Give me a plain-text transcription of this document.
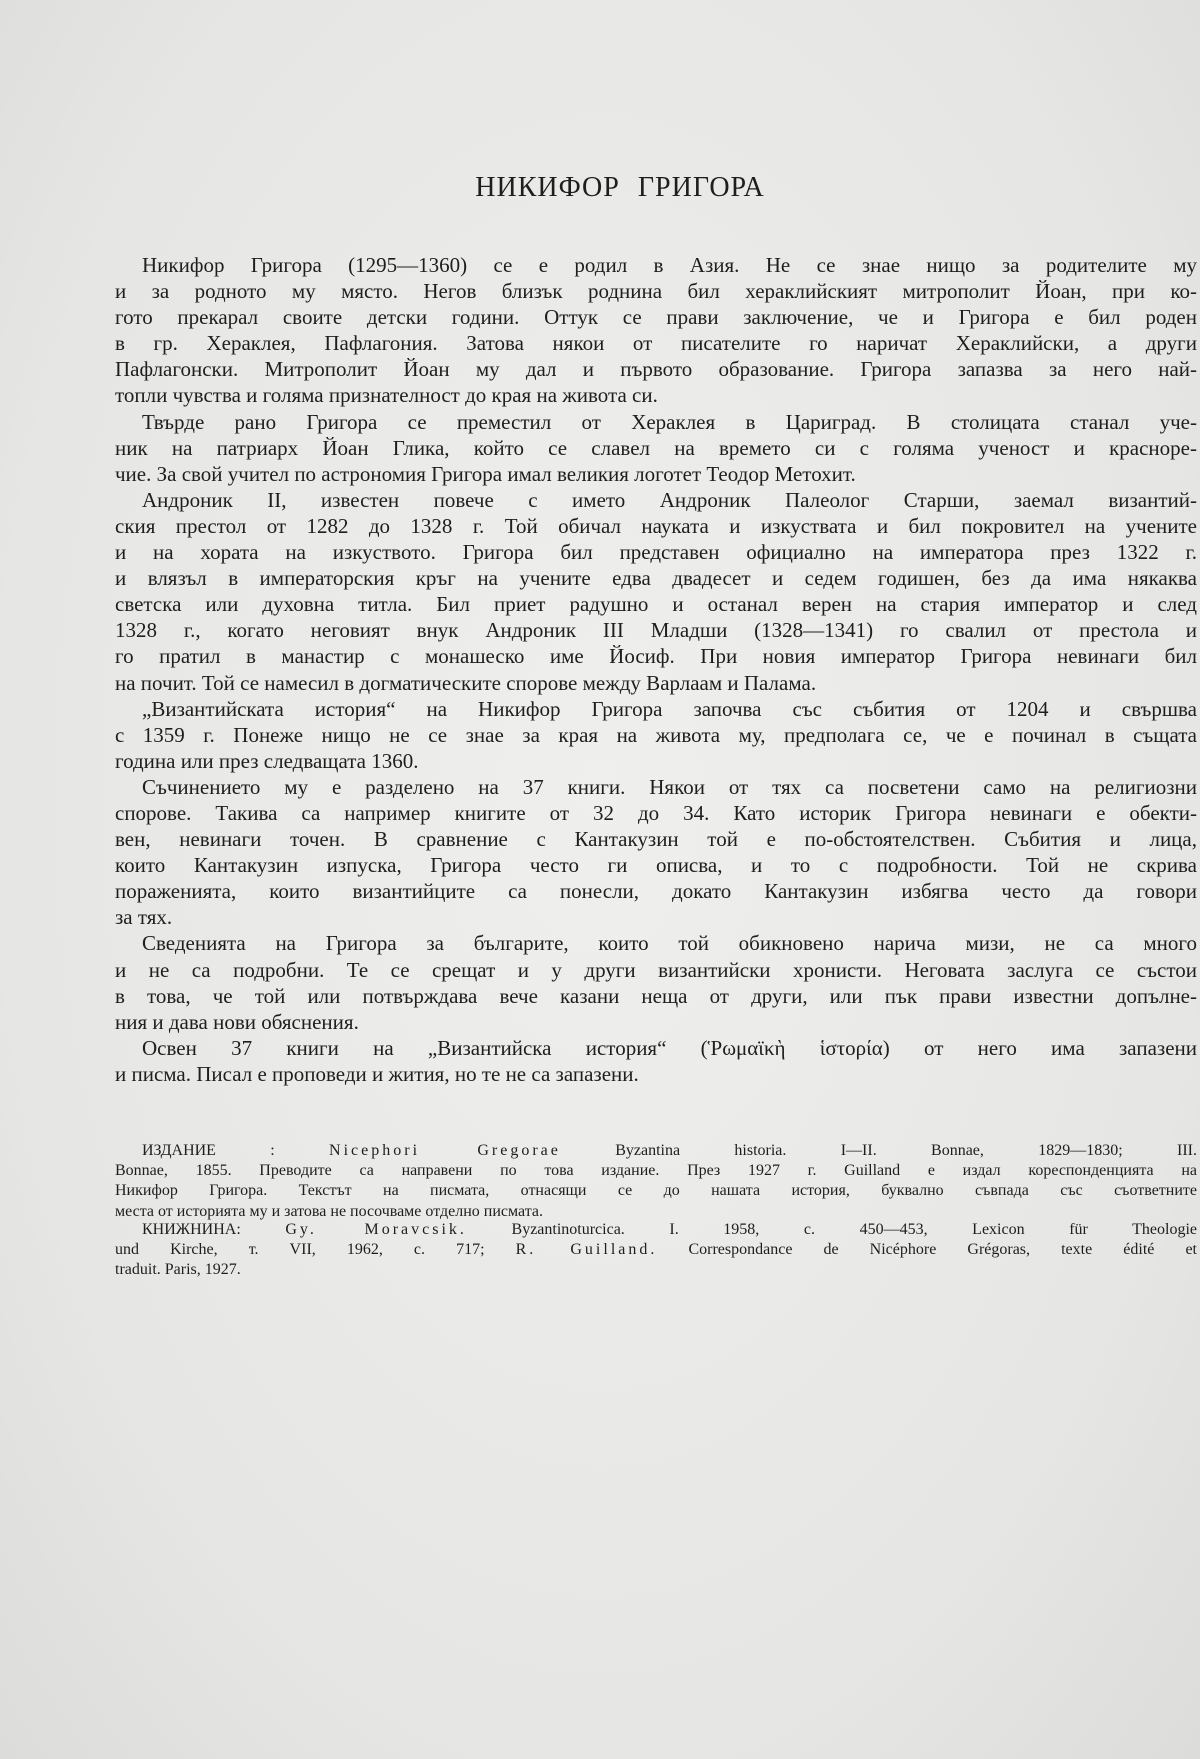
НИКИФОР ГРИГОРА
Никифор Григора (1295—1360) се е родил в Азия. Не се знае нищо за родителите му
и за родното му място. Негов близък роднина бил хераклийският митрополит Йоан, при ко-
гото прекарал своите детски години. Оттук се прави заключение, че и Григора е бил роден
в гр. Хераклея, Пафлагония. Затова някои от писателите го наричат Хераклийски, а други
Пафлагонски. Митрополит Йоан му дал и първото образование. Григора запазва за него най-
топли чувства и голяма признателност до края на живота си.
Твърде рано Григора се преместил от Хераклея в Цариград. В столицата станал уче-
ник на патриарх Йоан Глика, който се славел на времето си с голяма ученост и красноре-
чие. За свой учител по астрономия Григора имал великия логотет Теодор Метохит.
Андроник II, известен повече с името Андроник Палеолог Старши, заемал византий-
ския престол от 1282 до 1328 г. Той обичал науката и изкуствата и бил покровител на учените
и на хората на изкуството. Григора бил представен официално на императора през 1322 г.
и влязъл в императорския кръг на учените едва двадесет и седем годишен, без да има някаква
светска или духовна титла. Бил приет радушно и останал верен на стария император и след
1328 г., когато неговият внук Андроник III Младши (1328—1341) го свалил от престола и
го пратил в манастир с монашеско име Йосиф. При новия император Григора невинаги бил
на почит. Той се намесил в догматическите спорове между Варлаам и Палама.
„Византийската история“ на Никифор Григора започва със събития от 1204 и свършва
с 1359 г. Понеже нищо не се знае за края на живота му, предполага се, че е починал в същата
година или през следващата 1360.
Съчинението му е разделено на 37 книги. Някои от тях са посветени само на религиозни
спорове. Такива са например книгите от 32 до 34. Като историк Григора невинаги е обекти-
вен, невинаги точен. В сравнение с Кантакузин той е по-обстоятелствен. Събития и лица,
които Кантакузин изпуска, Григора често ги описва, и то с подробности. Той не скрива
пораженията, които византийците са понесли, докато Кантакузин избягва често да говори
за тях.
Сведенията на Григора за българите, които той обикновено нарича мизи, не са много
и не са подробни. Те се срещат и у други византийски хронисти. Неговата заслуга се състои
в това, че той или потвърждава вече казани неща от други, или пък прави известни допълне-
ния и дава нови обяснения.
Освен 37 книги на „Византийска история“ (Ῥωμαϊκὴ ἱστορία) от него има запазени
и писма. Писал е проповеди и жития, но те не са запазени.
ИЗДАНИЕ :	Nicephori Gregorae	Byzantina historia. I—II. Bonnae, 1829—1830; III.
Bonnae, 1855. Преводите са направени по това издание. През 1927 г. Guilland е издал кореспонденцията на
Никифор Григора. Текстът на писмата, отнасящи се до нашата история, буквално съвпада със съответните
места от историята му и затова не посочваме отделно писмата.
КНИЖНИНА:	Gy. Moravcsik.	Byzantinoturcica. I. 1958, с. 450—453, Lexicon für Theologie
und Kirche, т. VII, 1962, с. 717; R. Guilland. Correspondance de Nicéphore Grégoras, texte édité et
traduit. Paris, 1927.
